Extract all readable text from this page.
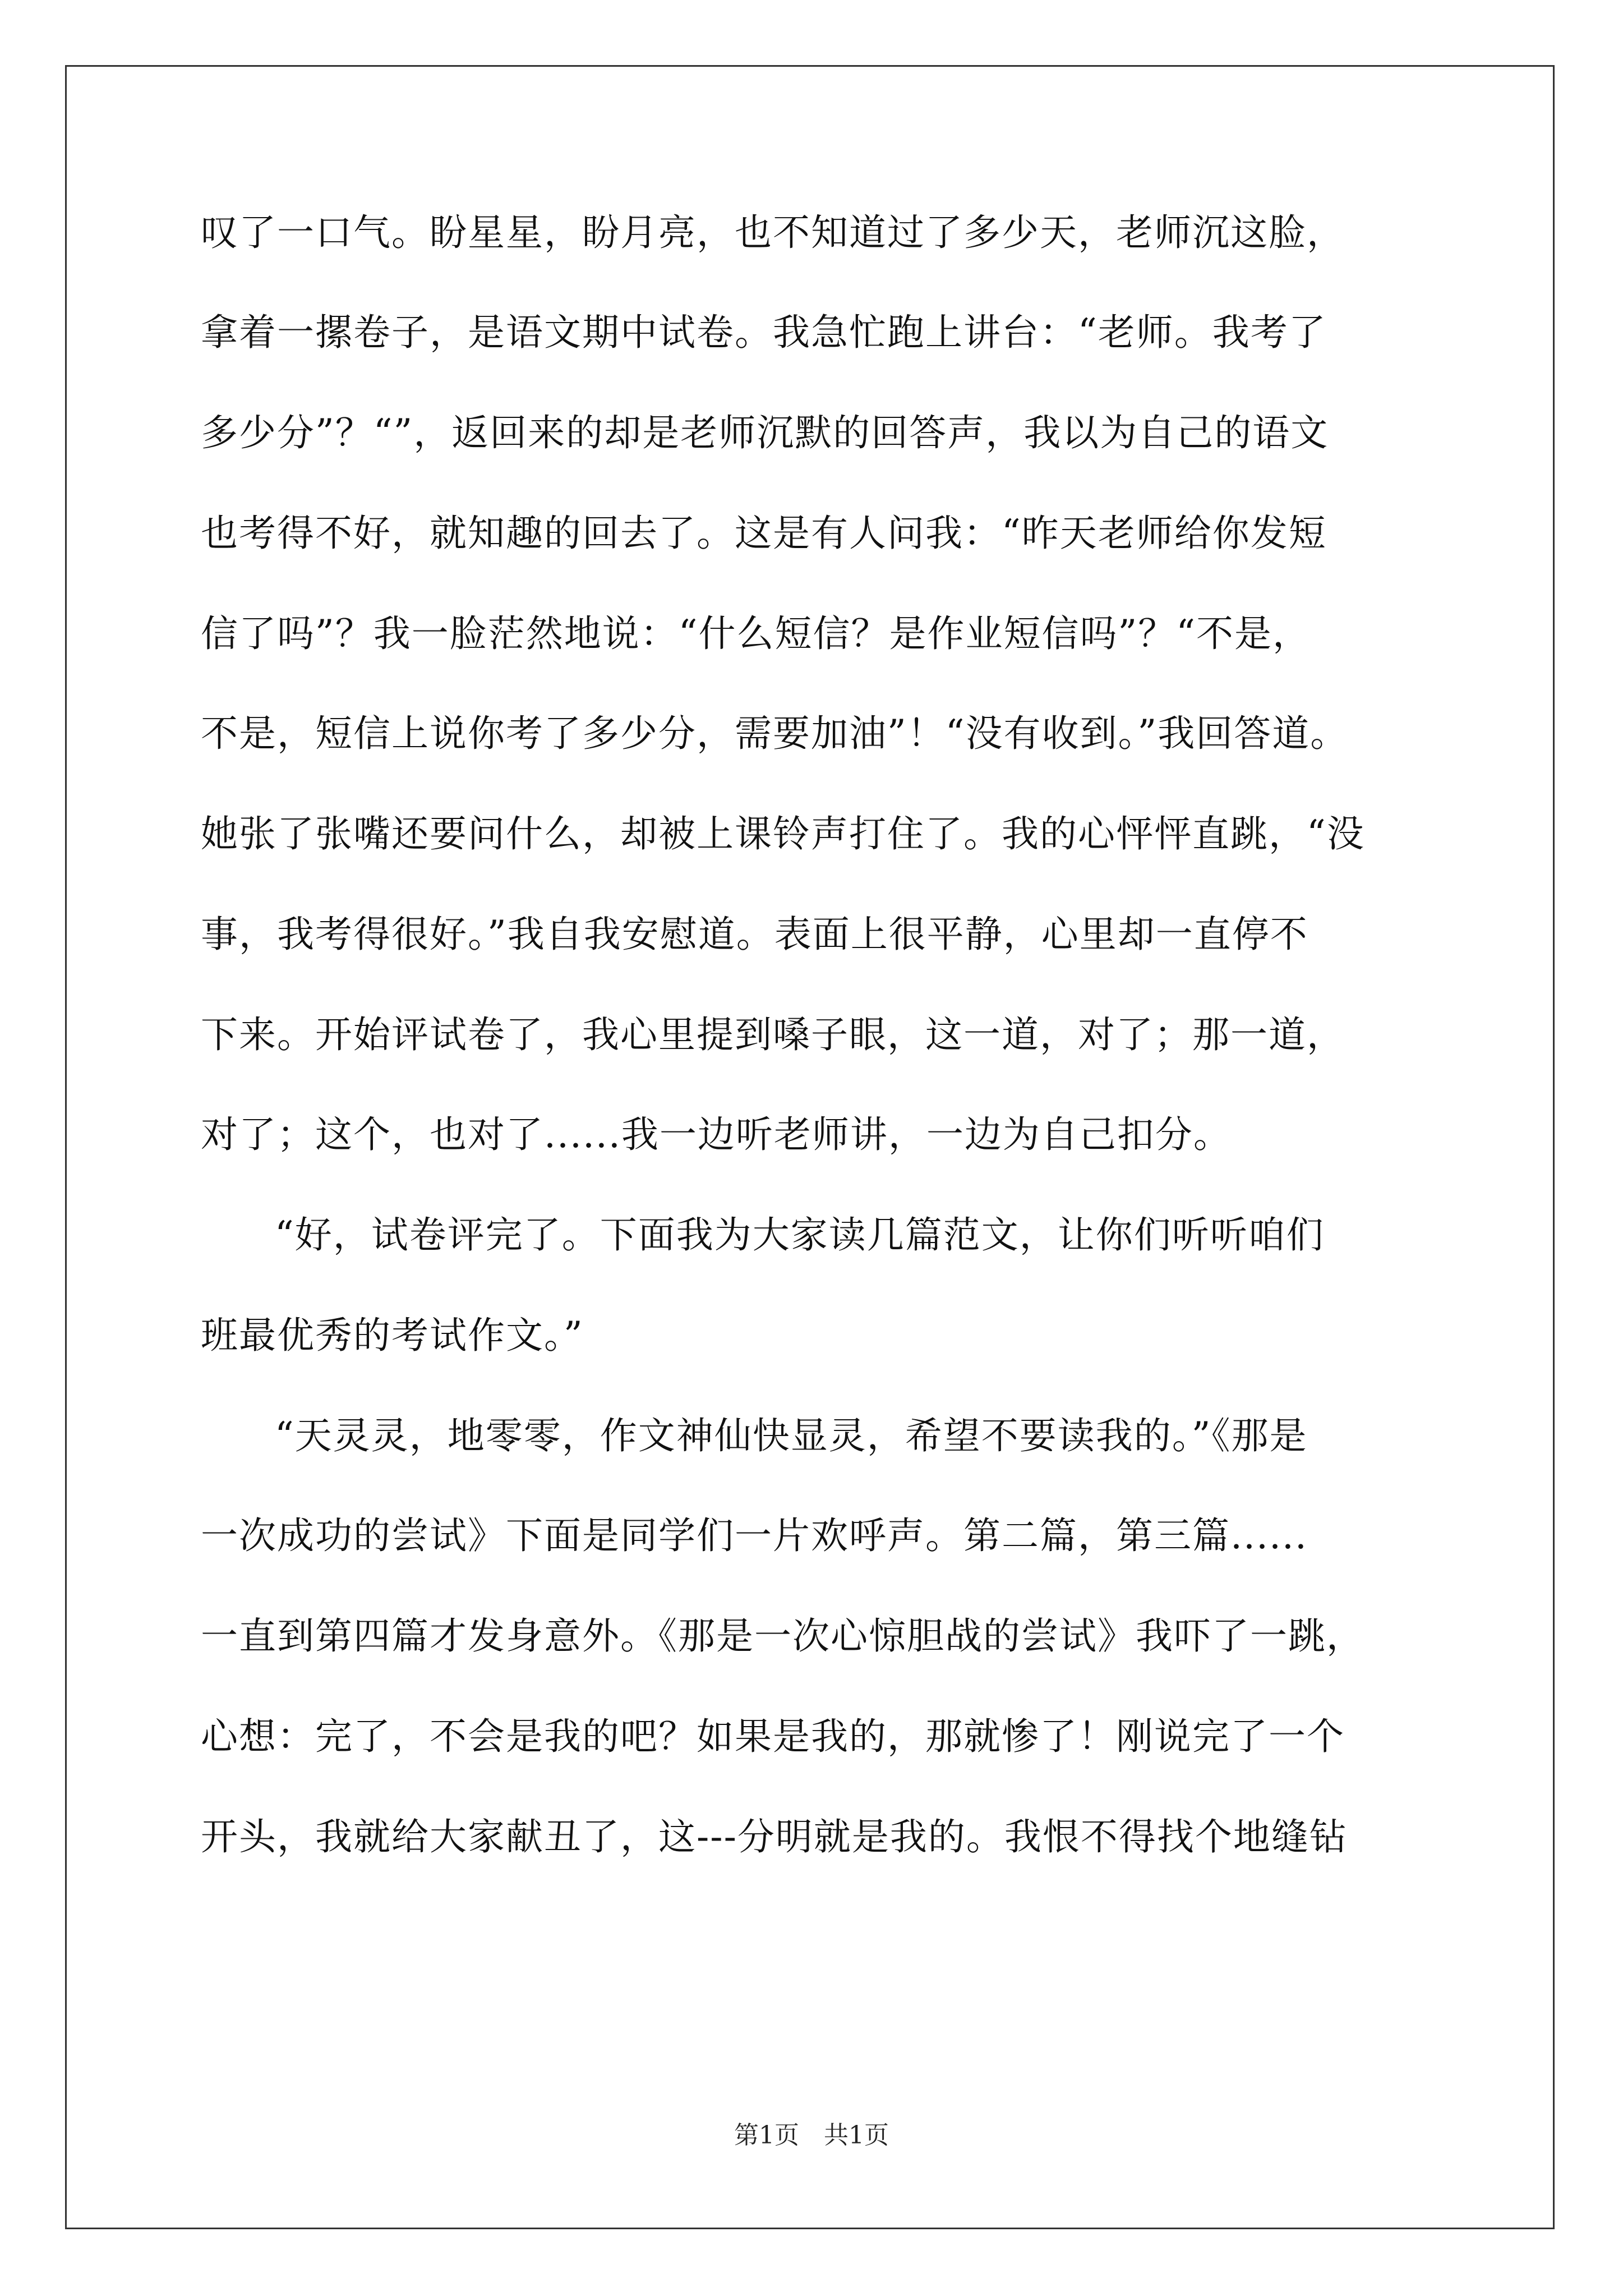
叹了一口气。盼星星，盼月亮，也不知道过了多少天，老师沉这脸，
拿着一摞卷子，是语文期中试卷。我急忙跑上讲台：“老师。我考了
多少分”？“”，返回来的却是老师沉默的回答声，我以为自己的语文
也考得不好，就知趣的回去了。这是有人问我：“昨天老师给你发短
信了吗”？我一脸茫然地说：“什么短信？是作业短信吗”？“不是，
不是，短信上说你考了多少分，需要加油”！“没有收到。”我回答道。
她张了张嘴还要问什么，却被上课铃声打住了。我的心怦怦直跳，“没
事，我考得很好。”我自我安慰道。表面上很平静，心里却一直停不
下来。开始评试卷了，我心里提到嗓子眼，这一道，对了；那一道，
对了；这个，也对了......我一边听老师讲，一边为自己扣分。
“好，试卷评完了。下面我为大家读几篇范文，让你们听听咱们
班最优秀的考试作文。”
“天灵灵，地零零，作文神仙快显灵，希望不要读我的。”《那是
一次成功的尝试》下面是同学们一片欢呼声。第二篇，第三篇......
一直到第四篇才发身意外。《那是一次心惊胆战的尝试》我吓了一跳，
心想：完了，不会是我的吧？如果是我的，那就惨了！刚说完了一个
开头，我就给大家献丑了，这---分明就是我的。我恨不得找个地缝钻
第1页　共1页
